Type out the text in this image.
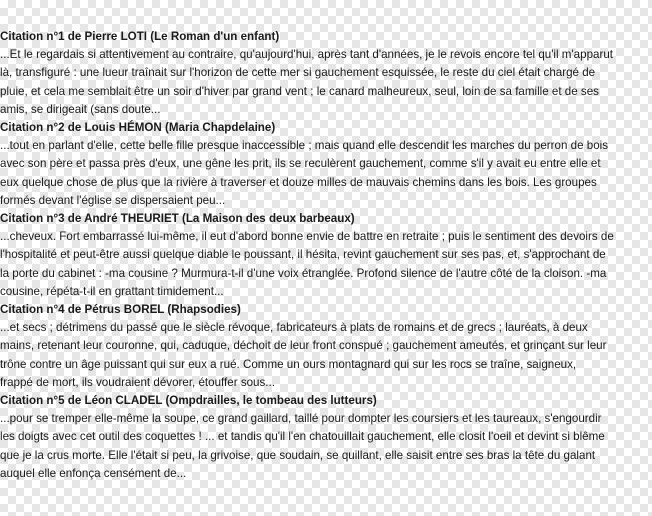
Citation n°1 de Pierre LOTI (Le Roman d'un enfant)
...Et le regardais si attentivement au contraire, qu'aujourd'hui, après tant d'années, je le revois encore tel qu'il m'apparut
là, transfiguré : une lueur traînait sur l'horizon de cette mer si gauchement esquissée, le reste du ciel était chargé de
pluie, et cela me semblait être un soir d'hiver par grand vent ; le canard malheureux, seul, loin de sa famille et de ses
amis, se dirigeait (sans doute...
Citation n°2 de Louis HÉMON (Maria Chapdelaine)
...tout en parlant d'elle, cette belle fille presque inaccessible ; mais quand elle descendit les marches du perron de bois
avec son père et passa près d'eux, une gêne les prit, ils se reculèrent gauchement, comme s'il y avait eu entre elle et
eux quelque chose de plus que la rivière à traverser et douze milles de mauvais chemins dans les bois. Les groupes
formés devant l'église se dispersaient peu...
Citation n°3 de André THEURIET (La Maison des deux barbeaux)
...cheveux. Fort embarrassé lui-même, il eut d'abord bonne envie de battre en retraite ; puis le sentiment des devoirs de
l'hospitalité et peut-être aussi quelque diable le poussant, il hésita, revint gauchement sur ses pas, et, s'approchant de
la porte du cabinet : -ma cousine ? Murmura-t-il d'une voix étranglée. Profond silence de l'autre côté de la cloison. -ma
cousine, répéta-t-il en grattant timidement...
Citation n°4 de Pétrus BOREL (Rhapsodies)
...et secs ; détrimens du passé que le siècle révoque, fabricateurs à plats de romains et de grecs ; lauréats, à deux
mains, retenant leur couronne, qui, caduque, déchoit de leur front conspué ; gauchement ameutés, et grinçant sur leur
trône contre un âge puissant qui sur eux a rué. Comme un ours montagnard qui sur les rocs se traîne, saigneux,
frappé de mort, ils voudraient dévorer, étouffer sous...
Citation n°5 de Léon CLADEL (Ompdrailles, le tombeau des lutteurs)
...pour se tremper elle-même la soupe, ce grand gaillard, taillé pour dompter les coursiers et les taureaux, s'engourdir
les doigts avec cet outil des coquettes ! ... et tandis qu'il l'en chatouillait gauchement, elle closit l'oeil et devint si blême
que je la crus morte. Elle l'était si peu, la grivoise, que soudain, se quillant, elle saisit entre ses bras la tête du galant
auquel elle enfonça censément de...
